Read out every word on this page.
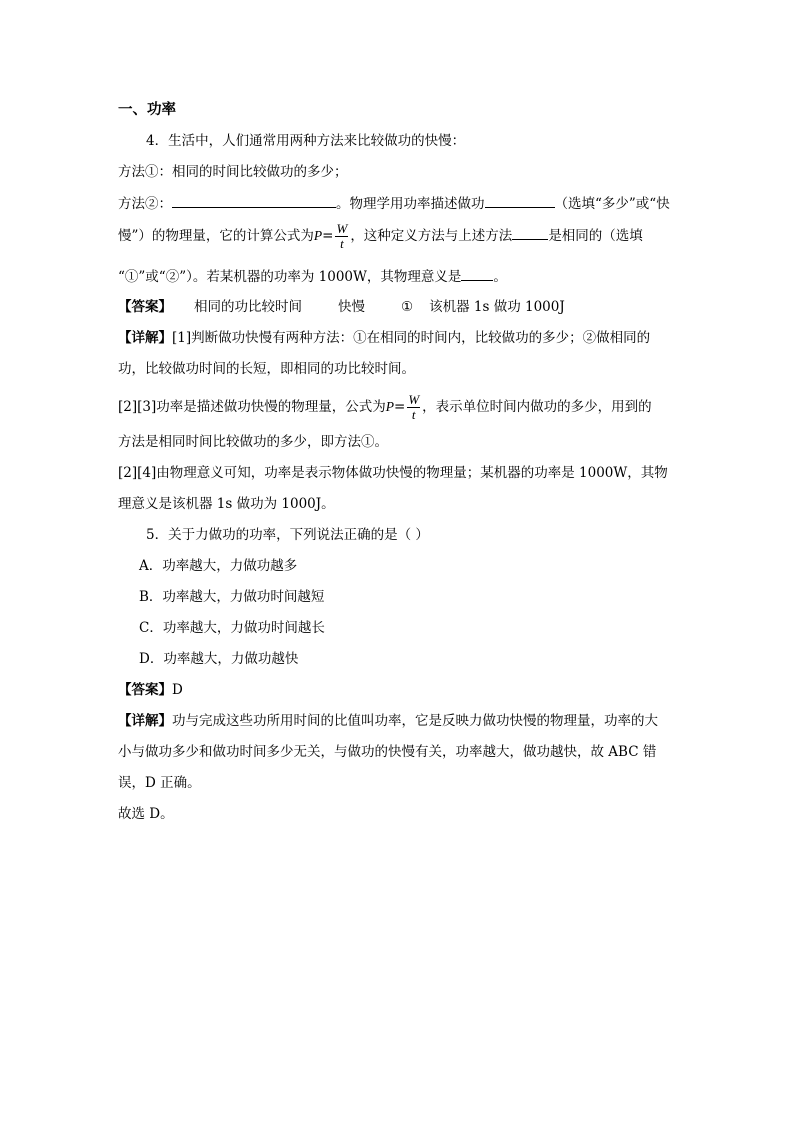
一、功率
4．生活中，人们通常用两种方法来比较做功的快慢：
方法①：相同的时间比较做功的多少；
方法②：	。物理学用功率描述做功	（选填“多少”或“快
慢”）的物理量，它的计算公式为$P= \frac{W}{t}$ ，这种定义方法与上述方法	是相同的（选填
“①”或“②”）。若某机器的功率为 1000W，其物理意义是 。
【答案】 相同的功比较时间	快慢	① 该机器 1s 做功 1000J
【详解】[1]判断做功快慢有两种方法：①在相同的时间内，比较做功的多少；②做相同的
功，比较做功时间的长短，即相同的功比较时间。
[2][3]功率是描述做功快慢的物理量，公式为$P= \frac{W}{t}$ ，表示单位时间内做功的多少，用到的
方法是相同时间比较做功的多少，即方法①。
[2][4]由物理意义可知，功率是表示物体做功快慢的物理量；某机器的功率是 1000W，其物
理意义是该机器 1s 做功为 1000J。
5．关于力做功的功率，下列说法正确的是（ ）
A．功率越大，力做功越多
B．功率越大，力做功时间越短
C．功率越大，力做功时间越长
D．功率越大，力做功越快
【答案】D
【详解】功与完成这些功所用时间的比值叫功率，它是反映力做功快慢的物理量，功率的大
小与做功多少和做功时间多少无关，与做功的快慢有关，功率越大，做功越快，故 ABC 错
误，D 正确。
故选 D。
